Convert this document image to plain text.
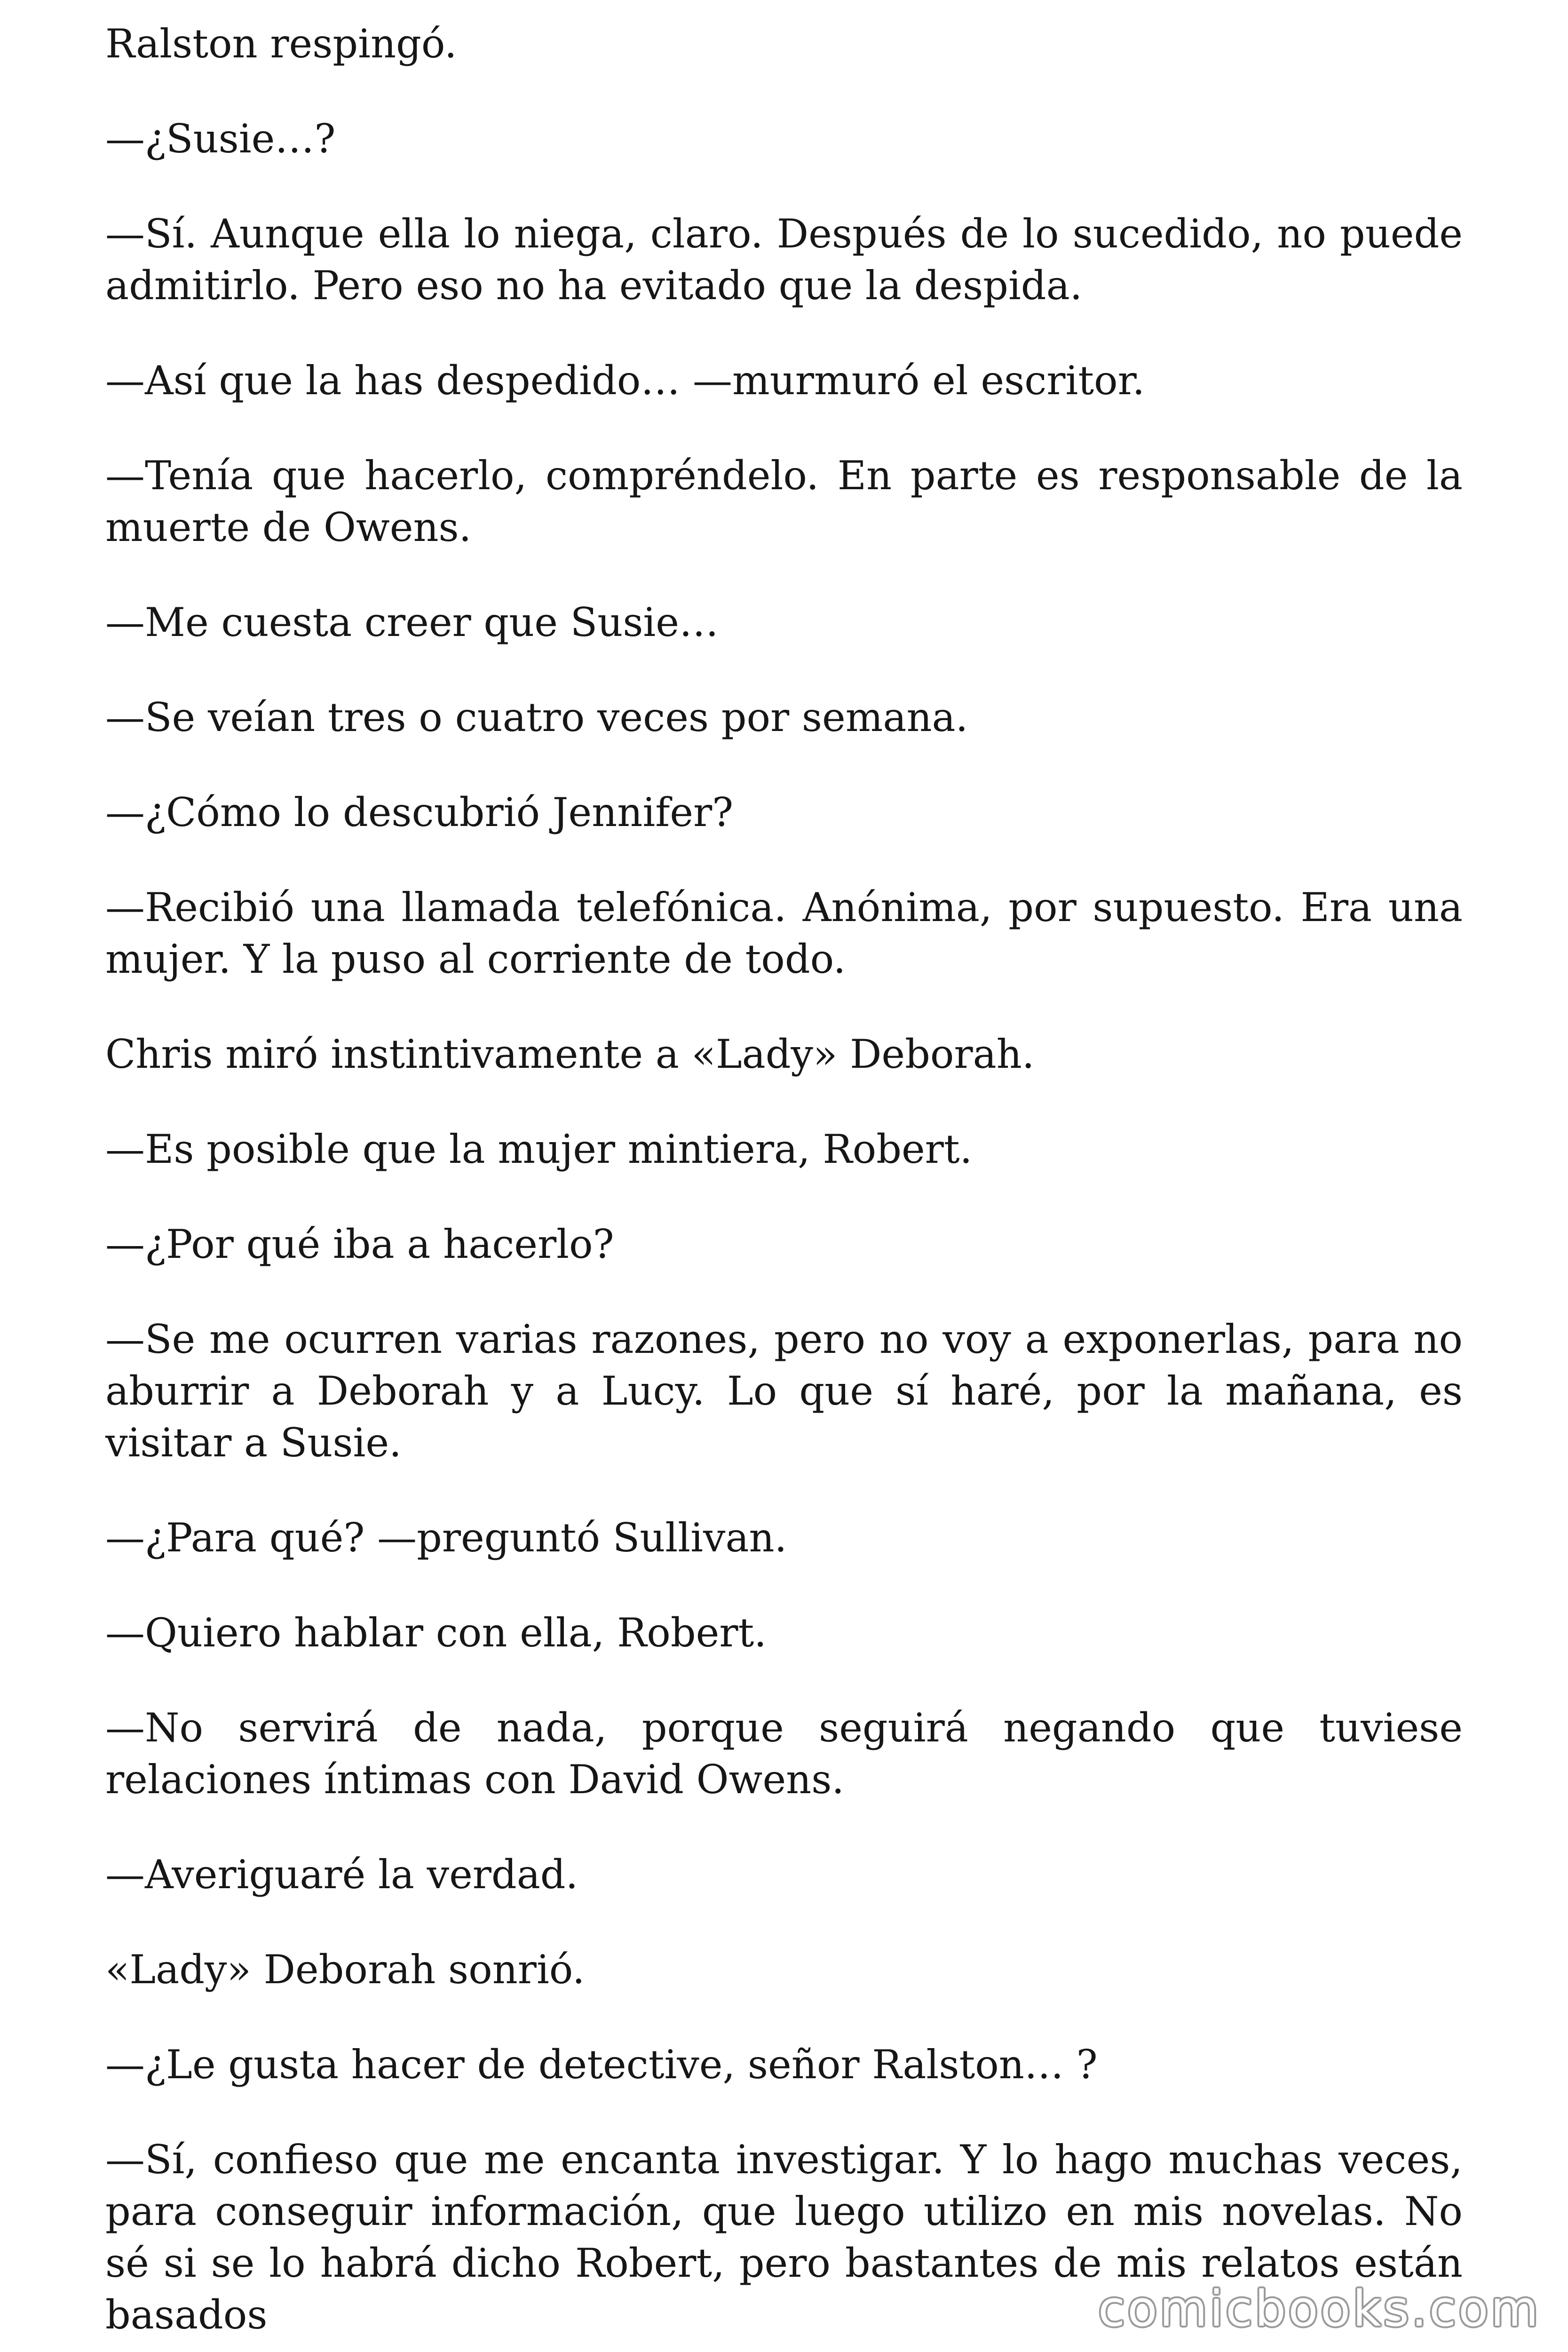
Ralston respingó.

—¿Susie…?

—Sí. Aunque ella lo niega, claro. Después de lo sucedido, no puede admitirlo. Pero eso no ha evitado que la despida.

—Así que la has despedido… —murmuró el escritor.

—Tenía que hacerlo, compréndelo. En parte es responsable de la muerte de Owens.

—Me cuesta creer que Susie…

—Se veían tres o cuatro veces por semana.

—¿Cómo lo descubrió Jennifer?

—Recibió una llamada telefónica. Anónima, por supuesto. Era una mujer. Y la puso al corriente de todo.

Chris miró instintivamente a «Lady» Deborah.

—Es posible que la mujer mintiera, Robert.

—¿Por qué iba a hacerlo?

—Se me ocurren varias razones, pero no voy a exponerlas, para no aburrir a Deborah y a Lucy. Lo que sí haré, por la mañana, es visitar a Susie.

—¿Para qué? —preguntó Sullivan.

—Quiero hablar con ella, Robert.

—No servirá de nada, porque seguirá negando que tuviese relaciones íntimas con David Owens.

—Averiguaré la verdad.

«Lady» Deborah sonrió.

—¿Le gusta hacer de detective, señor Ralston… ?

—Sí, confieso que me encanta investigar. Y lo hago muchas veces, para conseguir información, que luego utilizo en mis novelas. No sé si se lo habrá dicho Robert, pero bastantes de mis relatos están basados	comicbooks.com
